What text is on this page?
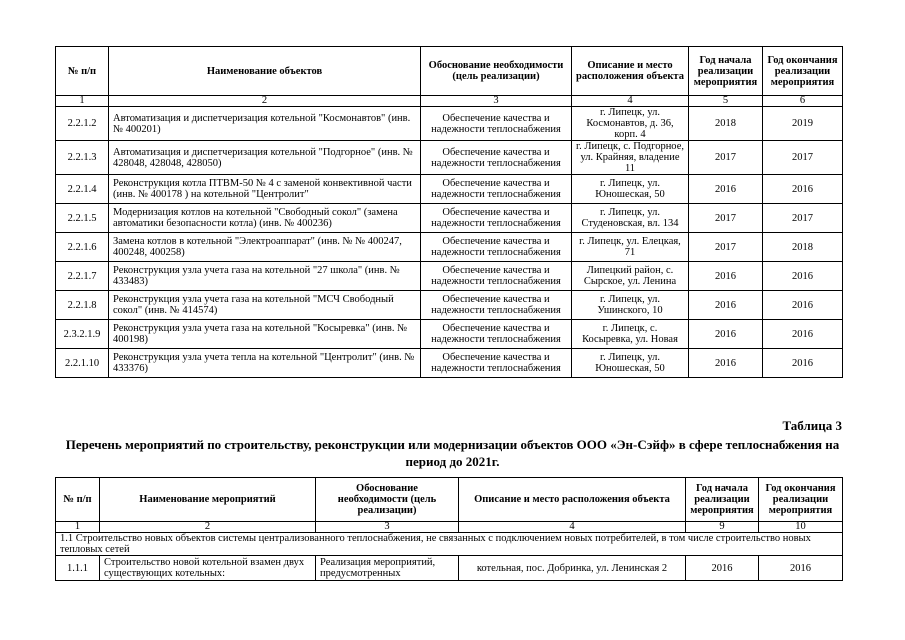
№ п/п	Наименование объектов	Обоснование необходимости (цель реализации)	Описание и место расположения объекта	Год начала реализации мероприятия	Год окончания реализации мероприятия
1	2	3	4	5	6
2.2.1.2	Автоматизация и диспетчеризация котельной "Космонавтов" (инв. № 400201)	Обеспечение качества и надежности теплоснабжения	г. Липецк, ул. Космонавтов, д. 36, корп. 4	2018	2019
2.2.1.3	Автоматизация и диспетчеризация котельной "Подгорное" (инв. № 428048, 428048, 428050)	Обеспечение качества и надежности теплоснабжения	г. Липецк, с. Подгорное, ул. Крайняя, владение 11	2017	2017
2.2.1.4	Реконструкция котла ПТВМ-50 № 4 с заменой конвективной части (инв. № 400178 ) на котельной "Центролит"	Обеспечение качества и надежности теплоснабжения	г. Липецк, ул. Юношеская, 50	2016	2016
2.2.1.5	Модернизация котлов на котельной "Свободный сокол" (замена автоматики безопасности котла) (инв. № 400236)	Обеспечение качества и надежности теплоснабжения	г. Липецк, ул. Студеновская, вл. 134	2017	2017
2.2.1.6	Замена котлов в котельной "Электроаппарат" (инв. № № 400247, 400248, 400258)	Обеспечение качества и надежности теплоснабжения	г. Липецк, ул. Елецкая, 71	2017	2018
2.2.1.7	Реконструкция узла учета газа на котельной "27 школа" (инв. № 433483)	Обеспечение качества и надежности теплоснабжения	Липецкий район, с. Сырское, ул. Ленина	2016	2016
2.2.1.8	Реконструкция узла учета газа на котельной "МСЧ Свободный сокол" (инв. № 414574)	Обеспечение качества и надежности теплоснабжения	г. Липецк, ул. Ушинского, 10	2016	2016
2.3.2.1.9	Реконструкция узла учета газа на котельной "Косыревка" (инв. № 400198)	Обеспечение качества и надежности теплоснабжения	г. Липецк, с. Косыревка, ул. Новая	2016	2016
2.2.1.10	Реконструкция узла учета тепла на котельной "Центролит" (инв. № 433376)	Обеспечение качества и надежности теплоснабжения	г. Липецк, ул. Юношеская, 50	2016	2016
Таблица 3
Перечень мероприятий по строительству, реконструкции или модернизации объектов ООО «Эн-Сэйф» в сфере теплоснабжения на период до 2021г.
№ п/п	Наименование мероприятий	Обоснование необходимости (цель реализации)	Описание и место расположения объекта	Год начала реализации мероприятия	Год окончания реализации мероприятия
1	2	3	4	9	10
1.1 Строительство новых объектов системы централизованного теплоснабжения, не связанных с подключением новых потребителей, в том числе строительство новых тепловых сетей					
1.1.1	Строительство новой котельной взамен двух существующих котельных:	Реализация мероприятий, предусмотренных	котельная, пос. Добринка, ул. Ленинская 2	2016	2016
